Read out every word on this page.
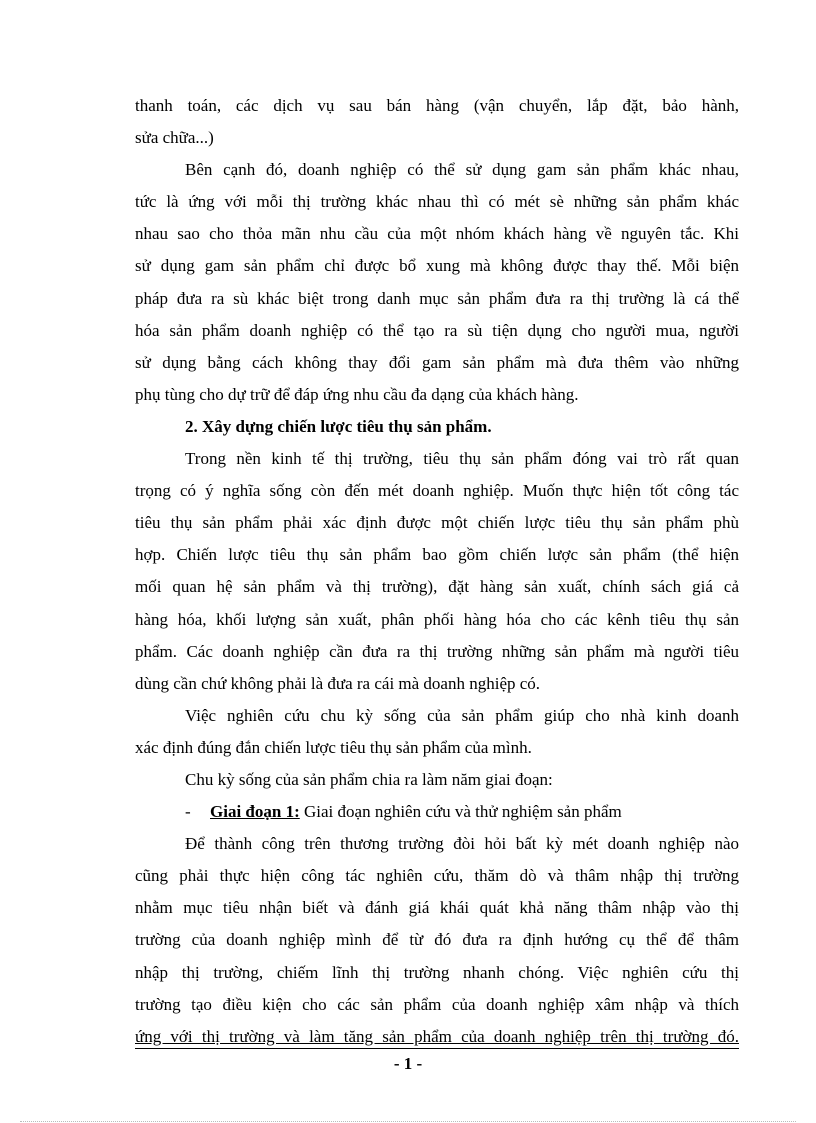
thanh toán, các dịch vụ sau bán hàng (vận chuyển, lắp đặt, bảo hành,
sửa chữa...)
Bên cạnh đó, doanh nghiệp có thể sử dụng gam sản phẩm khác nhau,
tức là ứng với mỗi thị trường khác nhau thì có mét sè những sản phẩm khác
nhau sao cho thỏa mãn nhu cầu của một nhóm khách hàng về nguyên tắc. Khi
sử dụng gam sản phẩm chỉ được bổ xung mà không được thay thế. Mỗi biện
pháp đưa ra sù khác biệt trong danh mục sản phẩm đưa ra thị trường là cá thể
hóa sản phẩm doanh nghiệp có thể tạo ra sù tiện dụng cho người mua, người
sử dụng bằng cách không thay đổi gam sản phẩm mà đưa thêm vào những
phụ tùng cho dự trữ để đáp ứng nhu cầu đa dạng của khách hàng.
2. Xây dựng chiến lược tiêu thụ sản phẩm.
Trong nền kinh tế thị trường, tiêu thụ sản phẩm đóng vai trò rất quan
trọng có ý nghĩa sống còn đến mét doanh nghiệp. Muốn thực hiện tốt công tác
tiêu thụ sản phẩm phải xác định được một chiến lược tiêu thụ sản phẩm phù
hợp. Chiến lược tiêu thụ sản phẩm bao gồm chiến lược sản phẩm (thể hiện
mối quan hệ sản phẩm và thị trường), đặt hàng sản xuất, chính sách giá cả
hàng hóa, khối lượng sản xuất, phân phối hàng hóa cho các kênh tiêu thụ sản
phẩm. Các doanh nghiệp cần đưa ra thị trường những sản phẩm mà người tiêu
dùng cần chứ không phải là đưa ra cái mà doanh nghiệp có.
Việc nghiên cứu chu kỳ sống của sản phẩm giúp cho nhà kinh doanh
xác định đúng đắn chiến lược tiêu thụ sản phẩm của mình.
Chu kỳ sống của sản phẩm chia ra làm năm giai đoạn:
- Giai đoạn 1: Giai đoạn nghiên cứu và thử nghiệm sản phẩm
Để thành công trên thương trường đòi hỏi bất kỳ mét doanh nghiệp nào
cũng phải thực hiện công tác nghiên cứu, thăm dò và thâm nhập thị trường
nhằm mục tiêu nhận biết và đánh giá khái quát khả năng thâm nhập vào thị
trường của doanh nghiệp mình để từ đó đưa ra định hướng cụ thể để thâm
nhập thị trường, chiếm lĩnh thị trường nhanh chóng. Việc nghiên cứu thị
trường tạo điều kiện cho các sản phẩm của doanh nghiệp xâm nhập và thích
ứng với thị trường và làm tăng sản phẩm của doanh nghiệp trên thị trường đó.
- 1 -
